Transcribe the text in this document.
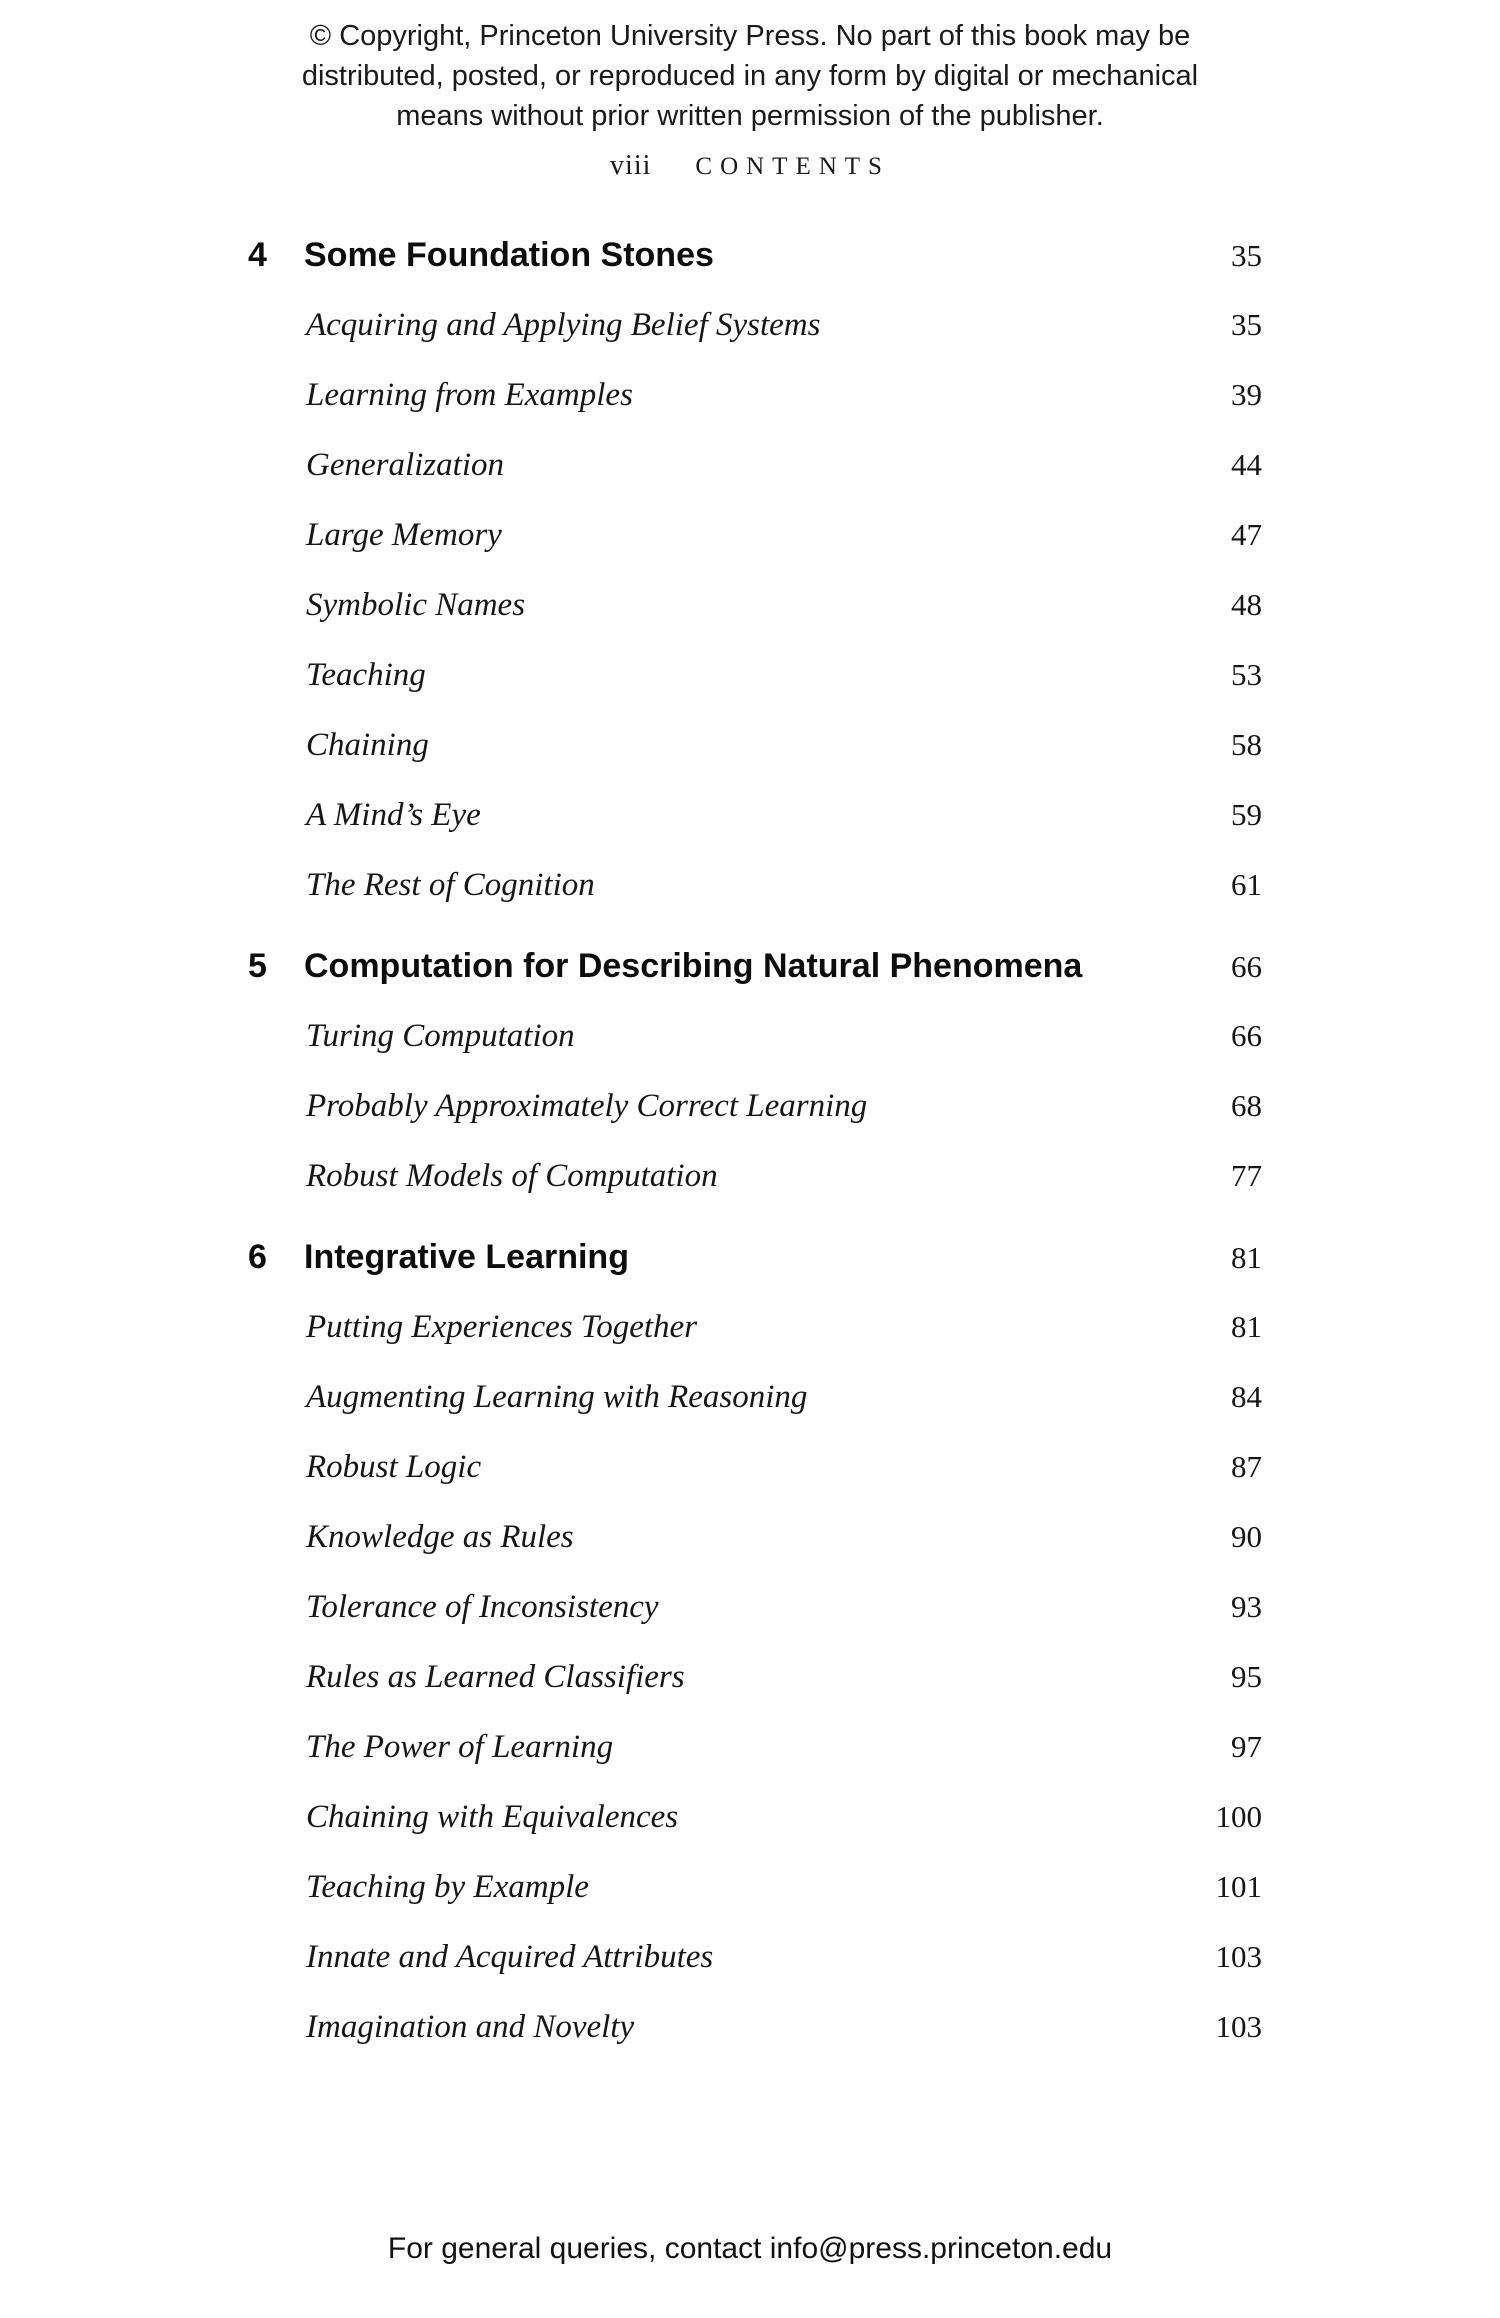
© Copyright, Princeton University Press. No part of this book may be
distributed, posted, or reproduced in any form by digital or mechanical
means without prior written permission of the publisher.
viii CONTENTS
4	Some Foundation Stones	35
Acquiring and Applying Belief Systems	35
Learning from Examples	39
Generalization	44
Large Memory	47
Symbolic Names	48
Teaching	53
Chaining	58
A Mind’s Eye	59
The Rest of Cognition	61
5	Computation for Describing Natural Phenomena	66
Turing Computation	66
Probably Approximately Correct Learning	68
Robust Models of Computation	77
6	Integrative Learning	81
Putting Experiences Together	81
Augmenting Learning with Reasoning	84
Robust Logic	87
Knowledge as Rules	90
Tolerance of Inconsistency	93
Rules as Learned Classifiers	95
The Power of Learning	97
Chaining with Equivalences	100
Teaching by Example	101
Innate and Acquired Attributes	103
Imagination and Novelty	103
For general queries, contact info@press.princeton.edu
